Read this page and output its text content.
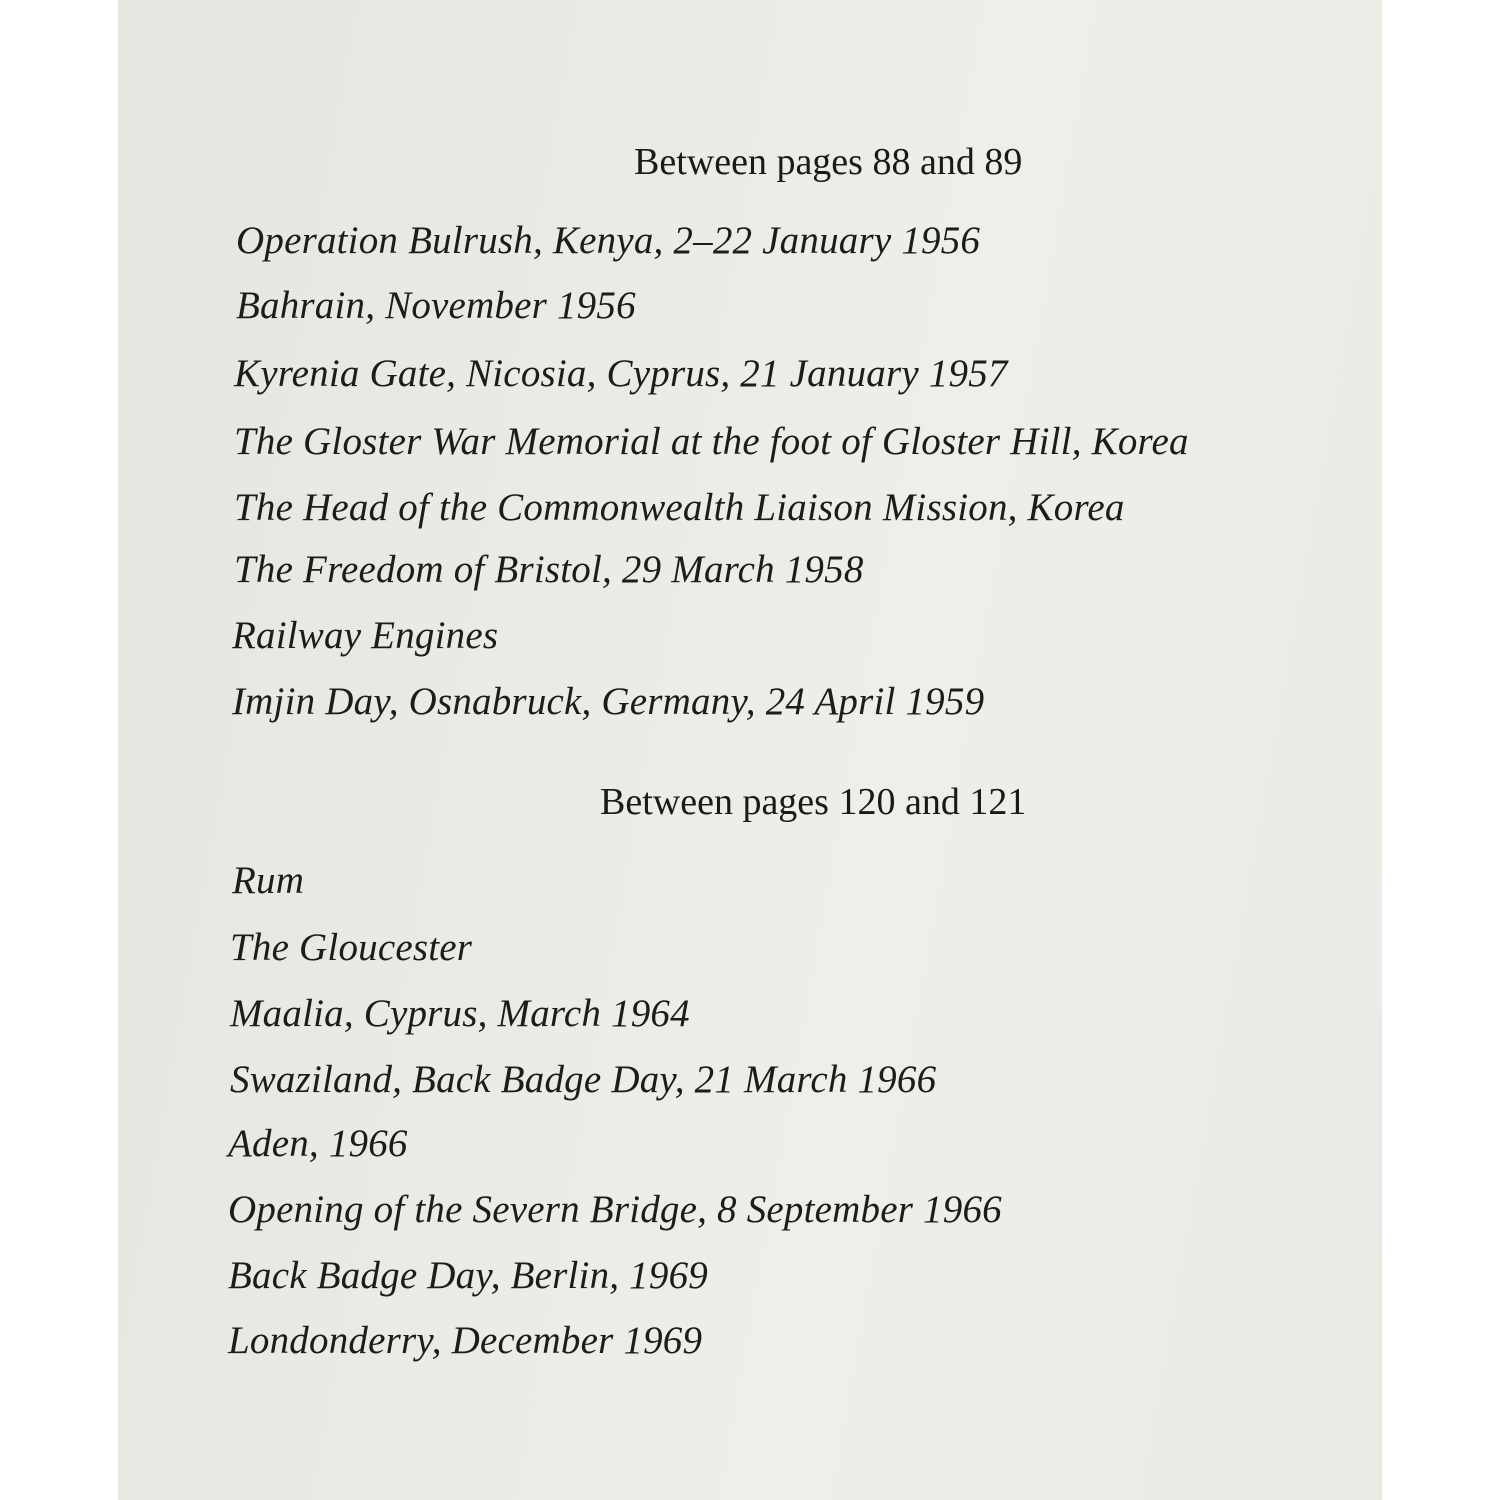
Between pages 88 and 89

Operation Bulrush, Kenya, 2–22 January 1956

Bahrain, November 1956

Kyrenia Gate, Nicosia, Cyprus, 21 January 1957

The Gloster War Memorial at the foot of Gloster Hill, Korea

The Head of the Commonwealth Liaison Mission, Korea

The Freedom of Bristol, 29 March 1958

Railway Engines

Imjin Day, Osnabruck, Germany, 24 April 1959

Between pages 120 and 121

Rum

The Gloucester

Maalia, Cyprus, March 1964

Swaziland, Back Badge Day, 21 March 1966

Aden, 1966

Opening of the Severn Bridge, 8 September 1966

Back Badge Day, Berlin, 1969

Londonderry, December 1969
